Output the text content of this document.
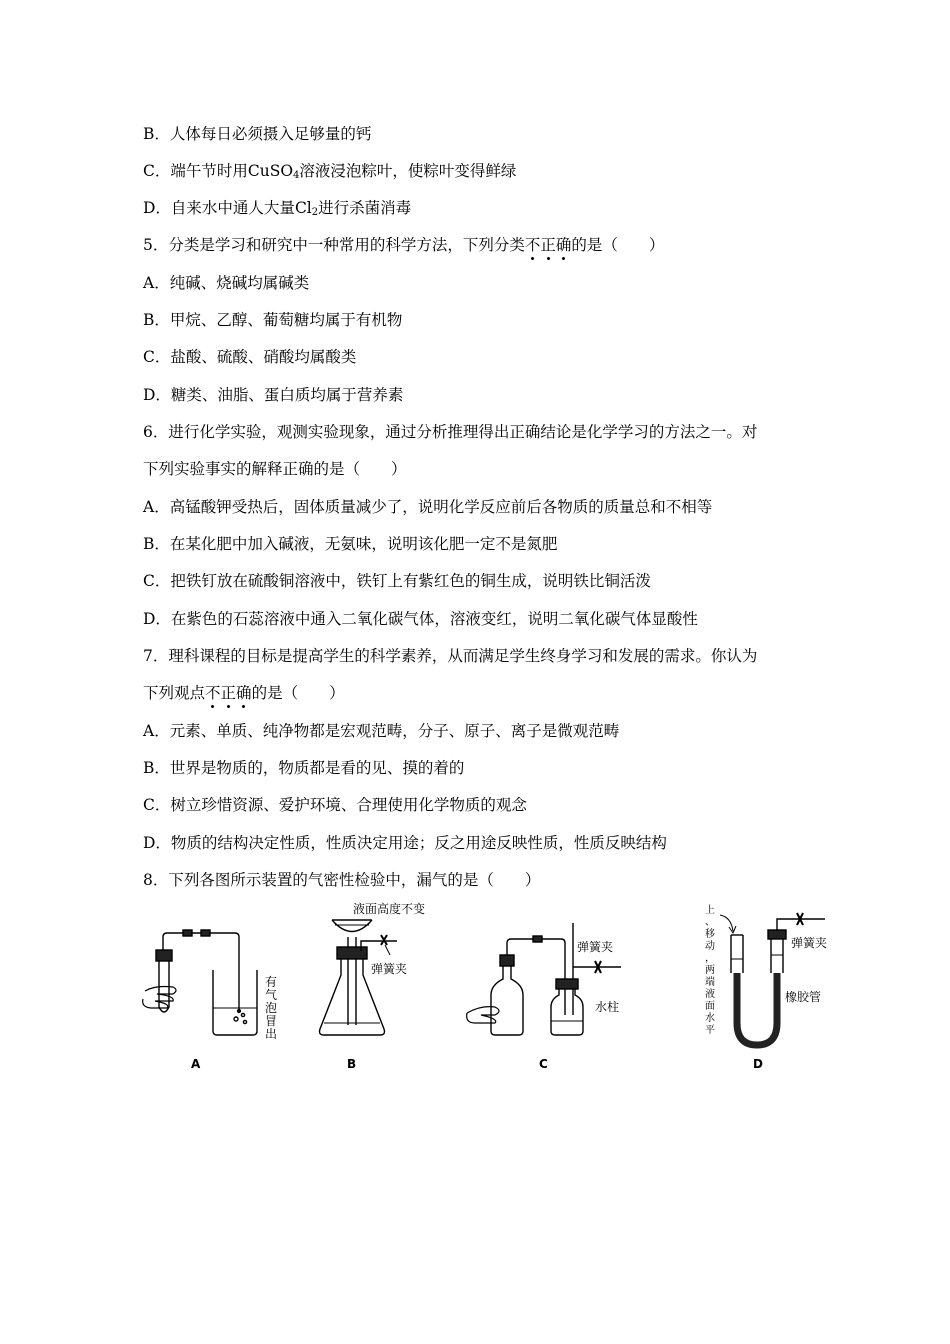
B．人体每日必须摄入足够量的钙
C．端午节时用CuSO$_4$溶液浸泡粽叶，使粽叶变得鲜绿
D．自来水中通人大量$Cl_2$进行杀菌消毒
5．分类是学习和研究中一种常用的科学方法，下列分类不正确的是（　　）
A．纯碱、烧碱均属碱类
B．甲烷、乙醇、葡萄糖均属于有机物
C．盐酸、硫酸、硝酸均属酸类
D．糖类、油脂、蛋白质均属于营养素
6．进行化学实验，观测实验现象，通过分析推理得出正确结论是化学学习的方法之一。对
下列实验事实的解释正确的是（　　）
A．高锰酸钾受热后，固体质量减少了，说明化学反应前后各物质的质量总和不相等
B．在某化肥中加入碱液，无氨味，说明该化肥一定不是氮肥
C．把铁钉放在硫酸铜溶液中，铁钉上有紫红色的铜生成，说明铁比铜活泼
D．在紫色的石蕊溶液中通入二氧化碳气体，溶液变红，说明二氧化碳气体显酸性
7．理科课程的目标是提高学生的科学素养，从而满足学生终身学习和发展的需求。你认为
下列观点不正确的是（　　）
A．元素、单质、纯净物都是宏观范畴，分子、原子、离子是微观范畴
B．世界是物质的，物质都是看的见、摸的着的
C．树立珍惜资源、爱护环境、合理使用化学物质的观念
D．物质的结构决定性质，性质决定用途；反之用途反映性质，性质反映结构
8．下列各图所示装置的气密性检验中，漏气的是（　　）
有
气
泡
冒
出
A
液面高度不变
弹簧夹
B
弹簧夹
水柱
C
上
、
移
动
，
两
端
液
面
水
平
弹簧夹
橡胶管
D
